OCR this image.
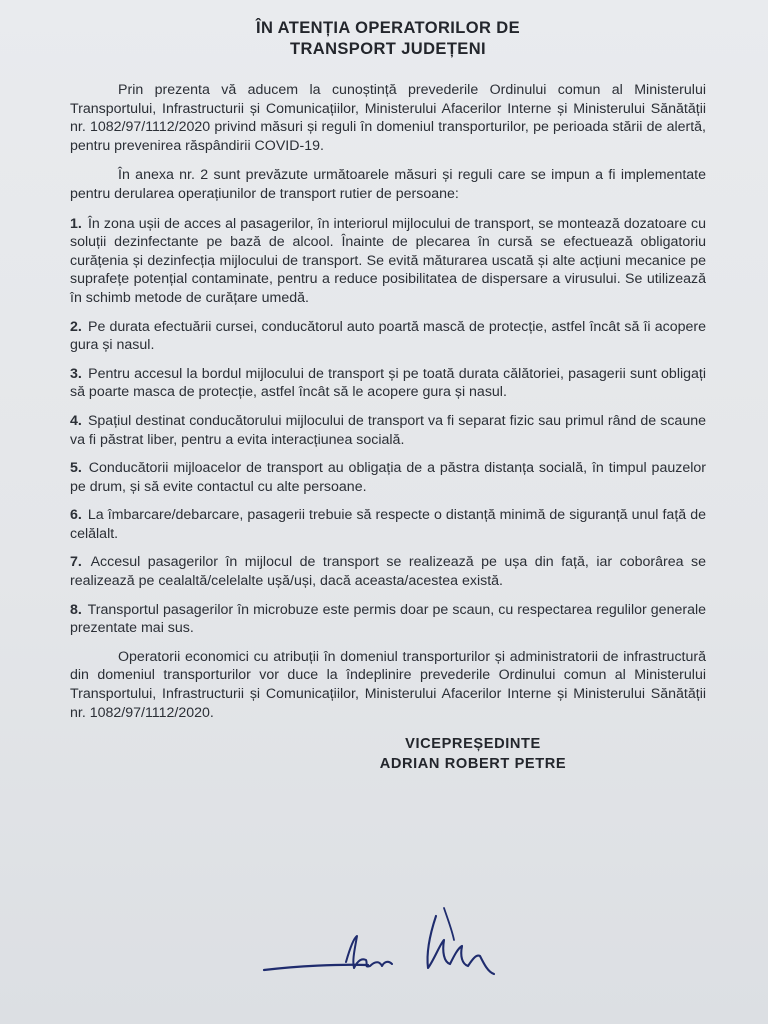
ÎN ATENȚIA OPERATORILOR DE
TRANSPORT JUDEȚENI

Prin prezenta vă aducem la cunoștință prevederile Ordinului comun al Ministerului Transportului, Infrastructurii și Comunicațiilor, Ministerului Afacerilor Interne și Ministerului Sănătății nr. 1082/97/1112/2020 privind măsuri și reguli în domeniul transporturilor, pe perioada stării de alertă, pentru prevenirea răspândirii COVID-19.

În anexa nr. 2 sunt prevăzute următoarele măsuri și reguli care se impun a fi implementate pentru derularea operațiunilor de transport rutier de persoane:

1. În zona ușii de acces al pasagerilor, în interiorul mijlocului de transport, se montează dozatoare cu soluții dezinfectante pe bază de alcool. Înainte de plecarea în cursă se efectuează obligatoriu curățenia și dezinfecția mijlocului de transport. Se evită măturarea uscată și alte acțiuni mecanice pe suprafețe potențial contaminate, pentru a reduce posibilitatea de dispersare a virusului. Se utilizează în schimb metode de curățare umedă.

2. Pe durata efectuării cursei, conducătorul auto poartă mască de protecție, astfel încât să îi acopere gura și nasul.

3. Pentru accesul la bordul mijlocului de transport și pe toată durata călătoriei, pasagerii sunt obligați să poarte masca de protecție, astfel încât să le acopere gura și nasul.

4. Spațiul destinat conducătorului mijlocului de transport va fi separat fizic sau primul rând de scaune va fi păstrat liber, pentru a evita interacțiunea socială.

5. Conducătorii mijloacelor de transport au obligația de a păstra distanța socială, în timpul pauzelor pe drum, și să evite contactul cu alte persoane.

6. La îmbarcare/debarcare, pasagerii trebuie să respecte o distanță minimă de siguranță unul față de celălalt.

7. Accesul pasagerilor în mijlocul de transport se realizează pe ușa din față, iar coborârea se realizează pe cealaltă/celelalte ușă/uși, dacă aceasta/acestea există.

8. Transportul pasagerilor în microbuze este permis doar pe scaun, cu respectarea regulilor generale prezentate mai sus.

Operatorii economici cu atribuții în domeniul transporturilor și administratorii de infrastructură din domeniul transporturilor vor duce la îndeplinire prevederile Ordinului comun al Ministerului Transportului, Infrastructurii și Comunicațiilor, Ministerului Afacerilor Interne și Ministerului Sănătății nr. 1082/97/1112/2020.

VICEPREȘEDINTE
ADRIAN ROBERT PETRE
